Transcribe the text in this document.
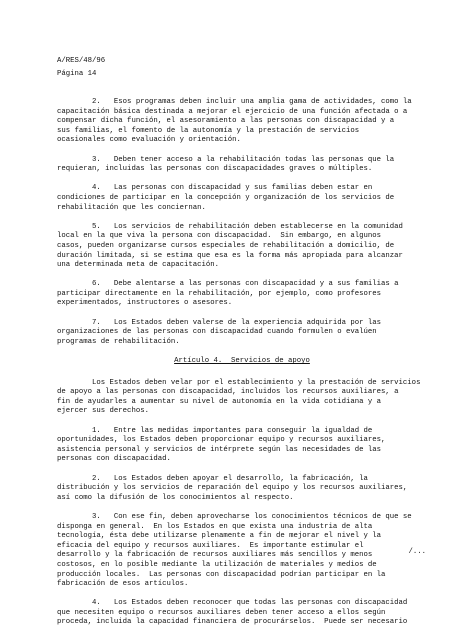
A/RES/48/96
Página 14
2.   Esos programas deben incluir una amplia gama de actividades, como la
capacitación básica destinada a mejorar el ejercicio de una función afectada o a
compensar dicha función, el asesoramiento a las personas con discapacidad y a
sus familias, el fomento de la autonomía y la prestación de servicios
ocasionales como evaluación y orientación.
3.   Deben tener acceso a la rehabilitación todas las personas que la
requieran, incluidas las personas con discapacidades graves o múltiples.
4.   Las personas con discapacidad y sus familias deben estar en
condiciones de participar en la concepción y organización de los servicios de
rehabilitación que les conciernan.
5.   Los servicios de rehabilitación deben establecerse en la comunidad
local en la que viva la persona con discapacidad.  Sin embargo, en algunos
casos, pueden organizarse cursos especiales de rehabilitación a domicilio, de
duración limitada, si se estima que esa es la forma más apropiada para alcanzar
una determinada meta de capacitación.
6.   Debe alentarse a las personas con discapacidad y a sus familias a
participar directamente en la rehabilitación, por ejemplo, como profesores
experimentados, instructores o asesores.
7.   Los Estados deben valerse de la experiencia adquirida por las
organizaciones de las personas con discapacidad cuando formulen o evalúen
programas de rehabilitación.
Artículo 4.  Servicios de apoyo
Los Estados deben velar por el establecimiento y la prestación de servicios
de apoyo a las personas con discapacidad, incluidos los recursos auxiliares, a
fin de ayudarles a aumentar su nivel de autonomía en la vida cotidiana y a
ejercer sus derechos.
1.   Entre las medidas importantes para conseguir la igualdad de
oportunidades, los Estados deben proporcionar equipo y recursos auxiliares,
asistencia personal y servicios de intérprete según las necesidades de las
personas con discapacidad.
2.   Los Estados deben apoyar el desarrollo, la fabricación, la
distribución y los servicios de reparación del equipo y los recursos auxiliares,
así como la difusión de los conocimientos al respecto.
3.   Con ese fin, deben aprovecharse los conocimientos técnicos de que se
disponga en general.  En los Estados en que exista una industria de alta
tecnología, ésta debe utilizarse plenamente a fin de mejorar el nivel y la
eficacia del equipo y recursos auxiliares.  Es importante estimular el
desarrollo y la fabricación de recursos auxiliares más sencillos y menos
costosos, en lo posible mediante la utilización de materiales y medios de
producción locales.  Las personas con discapacidad podrían participar en la
fabricación de esos artículos.
4.   Los Estados deben reconocer que todas las personas con discapacidad
que necesiten equipo o recursos auxiliares deben tener acceso a ellos según
proceda, incluida la capacidad financiera de procurárselos.  Puede ser necesario
/...
